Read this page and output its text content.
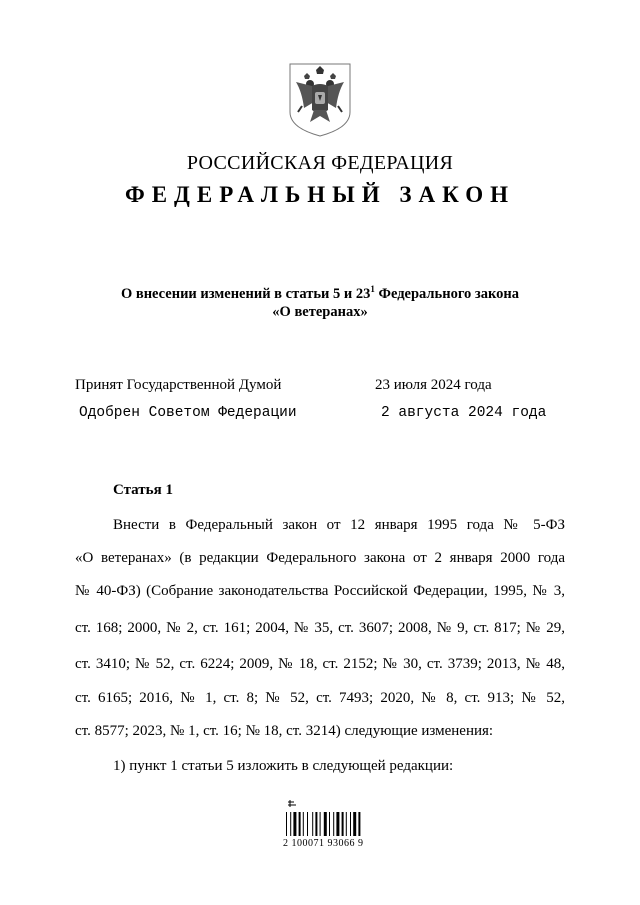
РОССИЙСКАЯ ФЕДЕРАЦИЯ
ФЕДЕРАЛЬНЫЙ ЗАКОН
О внесении изменений в статьи 5 и $23^1$ Федерального закона
«О ветеранах»
Принят Государственной Думой	23 июля 2024 года
Одобрен Советом Федерации	2 августа 2024 года
Статья 1
Внести в Федеральный закон от 12 января 1995 года № 5-ФЗ
«О ветеранах» (в редакции Федерального закона от 2 января 2000 года
№ 40-ФЗ) (Собрание законодательства Российской Федерации, 1995, № 3,
ст. 168; 2000, № 2, ст. 161; 2004, № 35, ст. 3607; 2008, № 9, ст. 817; № 29,
ст. 3410; № 52, ст. 6224; 2009, № 18, ст. 2152; № 30, ст. 3739; 2013, № 48,
ст. 6165; 2016, № 1, ст. 8; № 52, ст. 7493; 2020, № 8, ст. 913; № 52,
ст. 8577; 2023, № 1, ст. 16; № 18, ст. 3214) следующие изменения:
1) пункт 1 статьи 5 изложить в следующей редакции:
2 100071 93066 9
